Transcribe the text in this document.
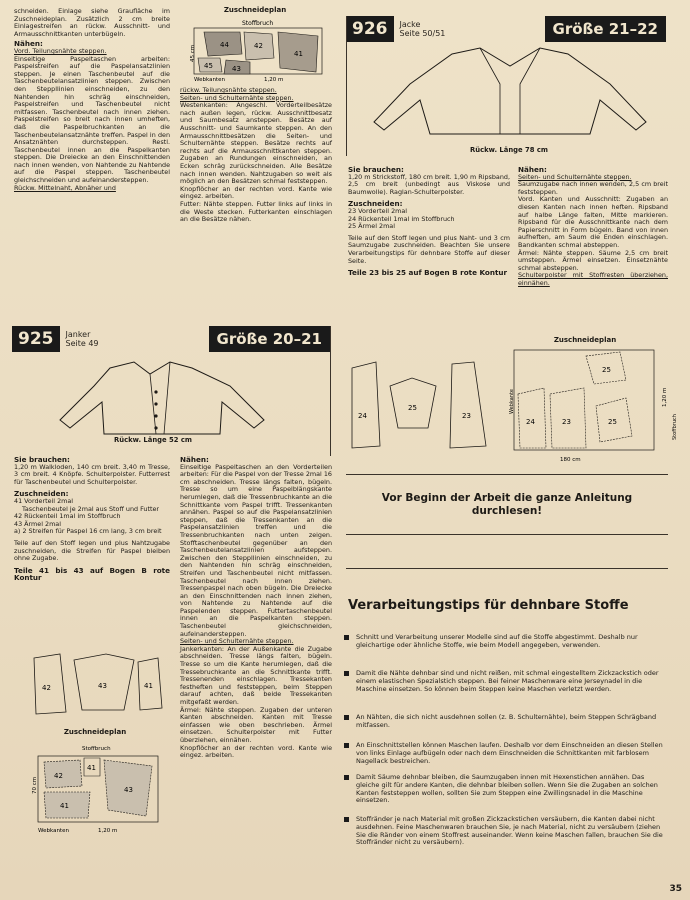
schneiden. Einlage siehe Graufläche im Zuschneideplan. Zusätzlich 2 cm breite Einlagestreifen an rückw. Ausschnitt- und Armausschnittkanten unterbügeln.

Nähen:

Vord. Teilungsnähte steppen.

Einseitige Paspeltaschen arbeiten: Paspelstreifen auf die Paspelansatzlinien steppen. Je einen Taschenbeutel auf die Taschenbeutelansatzlinien steppen. Zwischen den Steppllinien einschneiden, zu den Nahtenden hin schräg einschneiden, Paspelstreifen und Taschenbeutel nicht mitfassen. Taschenbeutel nach innen ziehen. Paspelstreifen so breit nach innen umheften, daß die Paspelbruchkanten an die Taschenbeutelansatznähte treffen. Paspel in den Ansatznähten durchsteppen. Restl. Taschenbeutel innen an die Paspelkanten steppen. Die Dreiecke an den Einschnittenden nach innen wenden, von Nahtende zu Nahtende auf die Paspel steppen. Taschenbeutel gleichschneiden und aufeinandersteppen.

Rückw. Mittelnaht, Abnäher und

Zuschneideplan
Stoffbruch
44	42
45	43
41
45 cm
Webkanten	1,20 m

rückw. Teilungsnähte steppen.

Seiten- und Schulternähte steppen.

Westenkanten: Angeschl. Vorderteilbesätze nach außen legen, rückw. Ausschnittbesatz und Saumbesatz ansteppen. Besätze auf Ausschnitt- und Saumkante steppen. An den Armausschnittbesätzen die Seiten- und Schulternähte steppen. Besätze rechts auf rechts auf die Armausschnittkanten steppen. Zugaben an Rundungen einschneiden, an Ecken schräg zurückschneiden. Alle Besätze nach innen wenden. Nahtzugaben so weit als möglich an den Besätzen schmal feststeppen.

Knopflöcher an der rechten vord. Kante wie eingez. arbeiten.

Futter: Nähte steppen. Futter links auf links in die Weste stecken. Futterkanten einschlagen an die Besätze nähen.

926	Jacke
Seite 50/51	Größe 21–22
Rückw. Länge 78 cm

Sie brauchen:

1,20 m Strickstoff, 180 cm breit. 1,90 m Ripsband, 2,5 cm breit (unbedingt aus Viskose und Baumwolle). Raglan-Schulterpolster.

Zuschneiden:

23 Vorderteil 2mal

24 Rückenteil 1mal im Stoffbruch

25 Ärmel 2mal

Teile auf den Stoff legen und plus Naht- und 3 cm Saumzugabe zuschneiden. Beachten Sie unsere Verarbeitungstips für dehnbare Stoffe auf dieser Seite.

Teile 23 bis 25 auf Bogen B rote Kontur

Nähen:

Seiten- und Schulternähte steppen.

Saumzugabe nach innen wenden, 2,5 cm breit feststeppen.

Vord. Kanten und Ausschnitt: Zugaben an diesen Kanten nach innen heften. Ripsband auf halbe Länge falten, Mitte markieren. Ripsband für die Ausschnittkante nach dem Papierschnitt in Form bügeln. Band von innen aufheften, am Saum die Enden einschlagen. Bandkanten schmal absteppen.

Ärmel: Nähte steppen. Säume 2,5 cm breit umsteppen. Ärmel einsetzen. Einsetznähte schmal absteppen.

Schulterpolster mit Stoffresten überziehen, einnähen.

24
25
23
Zuschneideplan
25
24	23	25
180 cm
1,20 m
Webkante
Stoffbruch
925	Janker
Seite 49	Größe 20–21
Rückw. Länge 52 cm

Sie brauchen:

1,20 m Walkloden, 140 cm breit. 3,40 m Tresse, 3 cm breit. 4 Knöpfe. Schulterpolster. Futterrest für Taschenbeutel und Schulterpolster.

Zuschneiden:

41 Vorderteil 2mal

Taschenbeutel je 2mal aus Stoff und Futter

42 Rückenteil 1mal im Stoffbruch

43 Ärmel 2mal

a) 2 Streifen für Paspel 16 cm lang, 3 cm breit

Teile auf den Stoff legen und plus Nahtzugabe zuschneiden, die Streifen für Paspel bleiben ohne Zugabe.

Teile 41 bis 43 auf Bogen B rote Kontur

42	43	41
Zuschneideplan
Stoffbruch
42
41
43
41
70 cm
Webkanten	1,20 m

Nähen:

Einseitige Paspeltaschen an den Vorderteilen arbeiten: Für die Paspel von der Tresse 2mal 16 cm abschneiden. Tresse längs falten, bügeln. Tresse so um eine Paspelblängskante herumlegen, daß die Tressenbruchkante an die Schnittkante vom Paspel trifft. Tressenkanten annähen. Paspel so auf die Paspelansatzlinien steppen, daß die Tressenkanten an die Paspelansatzlinien treffen und die Tressenbruchkanten nach unten zeigen. Stofftaschenbeutel gegenüber an den Taschenbeutelansatzlinien aufsteppen. Zwischen den Steppllinien einschneiden, zu den Nahtenden hin schräg einschneiden, Streifen und Taschenbeutel nicht mitfassen. Taschenbeutel nach innen ziehen. Tressenpaspel nach oben bügeln. Die Dreiecke an den Einschnittenden nach innen ziehen, von Nahtende zu Nahtende auf die Paspelenden steppen. Futtertaschenbeutel innen an die Paspelkanten steppen. Taschenbeutel gleichschneiden, aufeinandersteppen.

Seiten- und Schulternähte steppen.

Jankerkanten: An der Außenkante die Zugabe abschneiden. Tresse längs falten, bügeln. Tresse so um die Kante herumlegen, daß die Tressebruchkante an die Schnittkante trifft. Tressenenden einschlagen. Tressekanten festheften und feststeppen, beim Steppen darauf achten, daß beide Tressekanten mitgefaßt werden.

Ärmel: Nähte steppen. Zugaben der unteren Kanten abschneiden. Kanten mit Tresse einfassen wie oben beschrieben. Ärmel einsetzen. Schulterpolster mit Futter überziehen, einnähen.

Knopflöcher an der rechten vord. Kante wie eingez. arbeiten.

Vor Beginn der Arbeit die ganze Anleitung durchlesen!
Verarbeitungstips für dehnbare Stoffe
Schnitt und Verarbeitung unserer Modelle sind auf die Stoffe abgestimmt. Deshalb nur gleichartige oder ähnliche Stoffe, wie beim Modell angegeben, verwenden.
Damit die Nähte dehnbar sind und nicht reißen, mit schmal eingestelltem Zickzackstich oder einem elastischen Spezialstich steppen. Bei feiner Maschenware eine Jerseynadel in die Maschine einsetzen. So können beim Steppen keine Maschen verletzt werden.
An Nähten, die sich nicht ausdehnen sollen (z. B. Schulternähte), beim Steppen Schrägband mitfassen.
An Einschnittstellen können Maschen laufen. Deshalb vor dem Einschneiden an diesen Stellen von links Einlage aufbügeln oder nach dem Einschneiden die Schnittkanten mit farblosem Nagellack bestreichen.
Damit Säume dehnbar bleiben, die Saumzugaben innen mit Hexenstichen annähen. Das gleiche gilt für andere Kanten, die dehnbar bleiben sollen. Wenn Sie die Zugaben an solchen Kanten feststeppen wollen, sollten Sie zum Steppen eine Zwillingsnadel in die Maschine einsetzen.
Stoffränder je nach Material mit großen Zickzackstichen versäubern, die Kanten dabei nicht ausdehnen. Feine Maschenwaren brauchen Sie, je nach Material, nicht zu versäubern (ziehen Sie die Ränder von einem Stoffrest auseinander. Wenn keine Maschen fallen, brauchen Sie die Stoffränder nicht zu versäubern).
35
